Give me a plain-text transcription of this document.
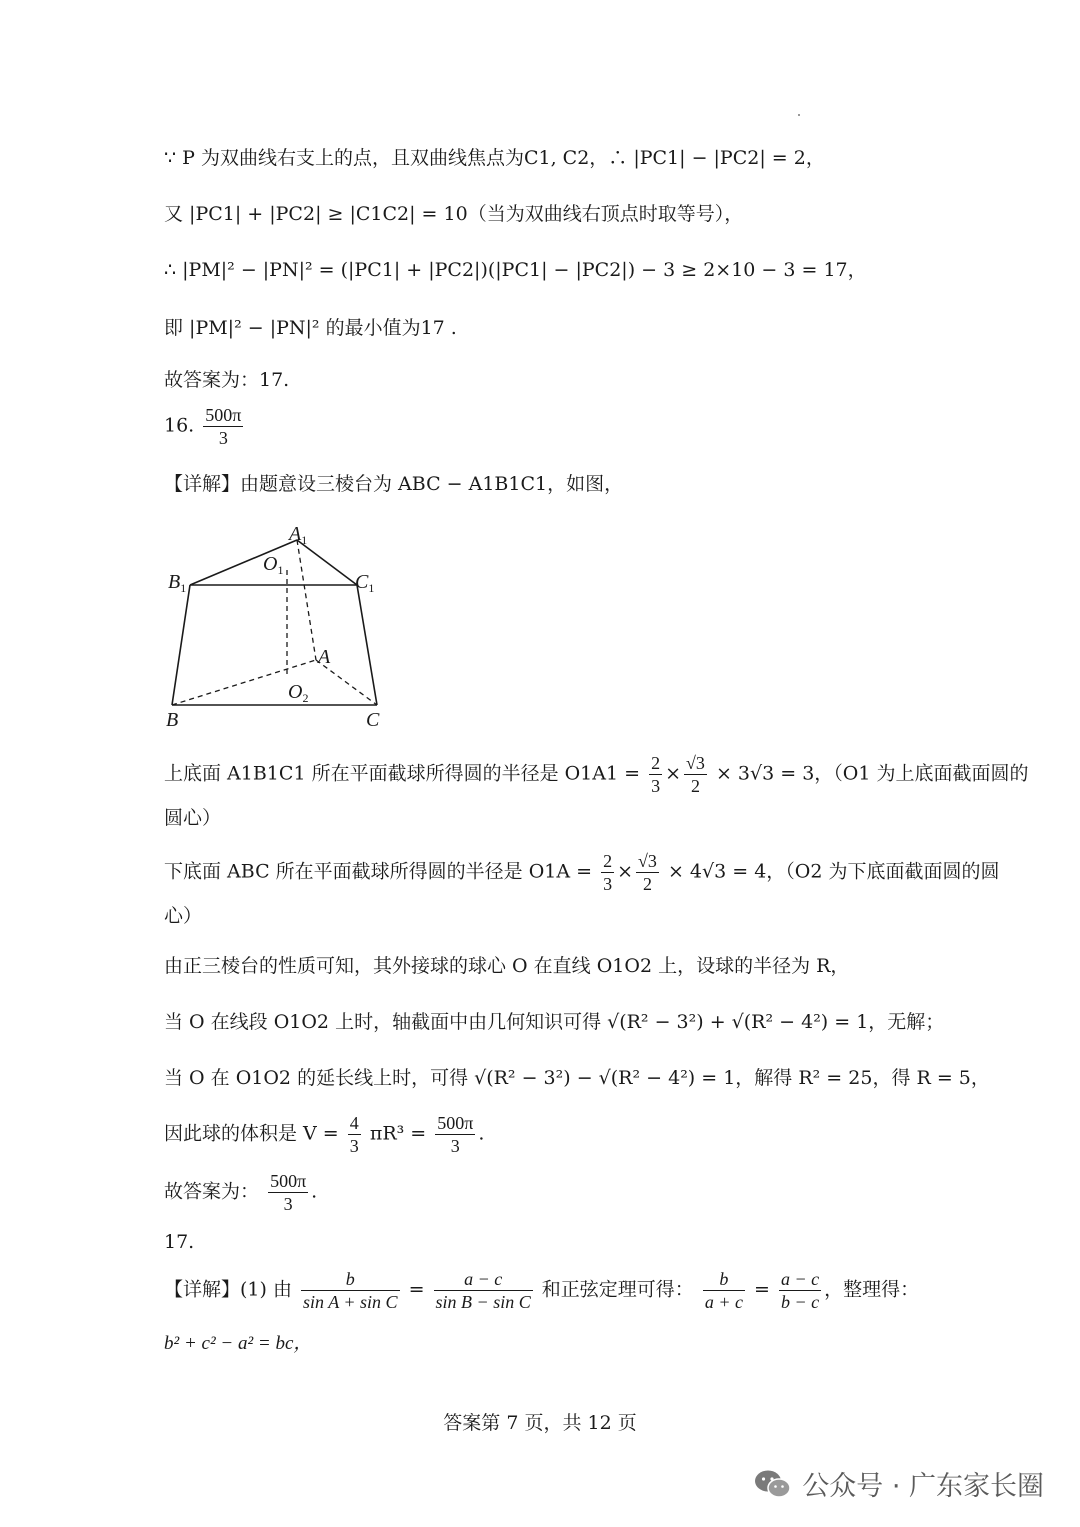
∵ P 为双曲线右支上的点，且双曲线焦点为C1, C2，∴ |PC1| − |PC2| = 2，
又 |PC1| + |PC2| ≥ |C1C2| = 10（当为双曲线右顶点时取等号），
∴ |PM|² − |PN|² = (|PC1| + |PC2|)(|PC1| − |PC2|) − 3 ≥ 2×10 − 3 = 17，
即 |PM|² − |PN|² 的最小值为17 .
故答案为：17.
16. $\frac{500\pi}{3}$
【详解】由题意设三棱台为 ABC − A1B1C1，如图，
$A_1$
$B_1$	$C_1$
$O_1$
A
$O_2$
B	C
上底面 A1B1C1 所在平面截球所得圆的半径是 $O1A1 = \frac{2}{3} \times \frac{√3}{2} \times 3√3 = 3$，（O1 为上底面截面圆的
圆心）
下底面 ABC 所在平面截球所得圆的半径是 $O1A = \frac{2}{3} \times \frac{√3}{2} \times 4√3 = 4$，（O2 为下底面截面圆的圆
心）
由正三棱台的性质可知，其外接球的球心 O 在直线 O1O2 上，设球的半径为 R，
当 O 在线段 O1O2 上时，轴截面中由几何知识可得 √(R² − 3²) + √(R² − 4²) = 1，无解；
当 O 在 O1O2 的延长线上时，可得 √(R² − 3²) − √(R² − 4²) = 1，解得 R² = 25，得 R = 5，
因此球的体积是 $V = \frac{4}{3} \pi R^3 = \frac{500\pi}{3}$ .
故答案为： $\frac{500\pi}{3}$ .
17.
【详解】(1) 由 $\frac{b}{\text{sin A + sin C}} = \frac{a - c}{\text{sin B − sin C}}$ 和正弦定理可得： $\frac{b}{a + c} = \frac{a - c}{b - c}$ ，整理得：
b² + c² − a² = bc，
答案第 7 页，共 12 页
公众号 · 广东家长圈
